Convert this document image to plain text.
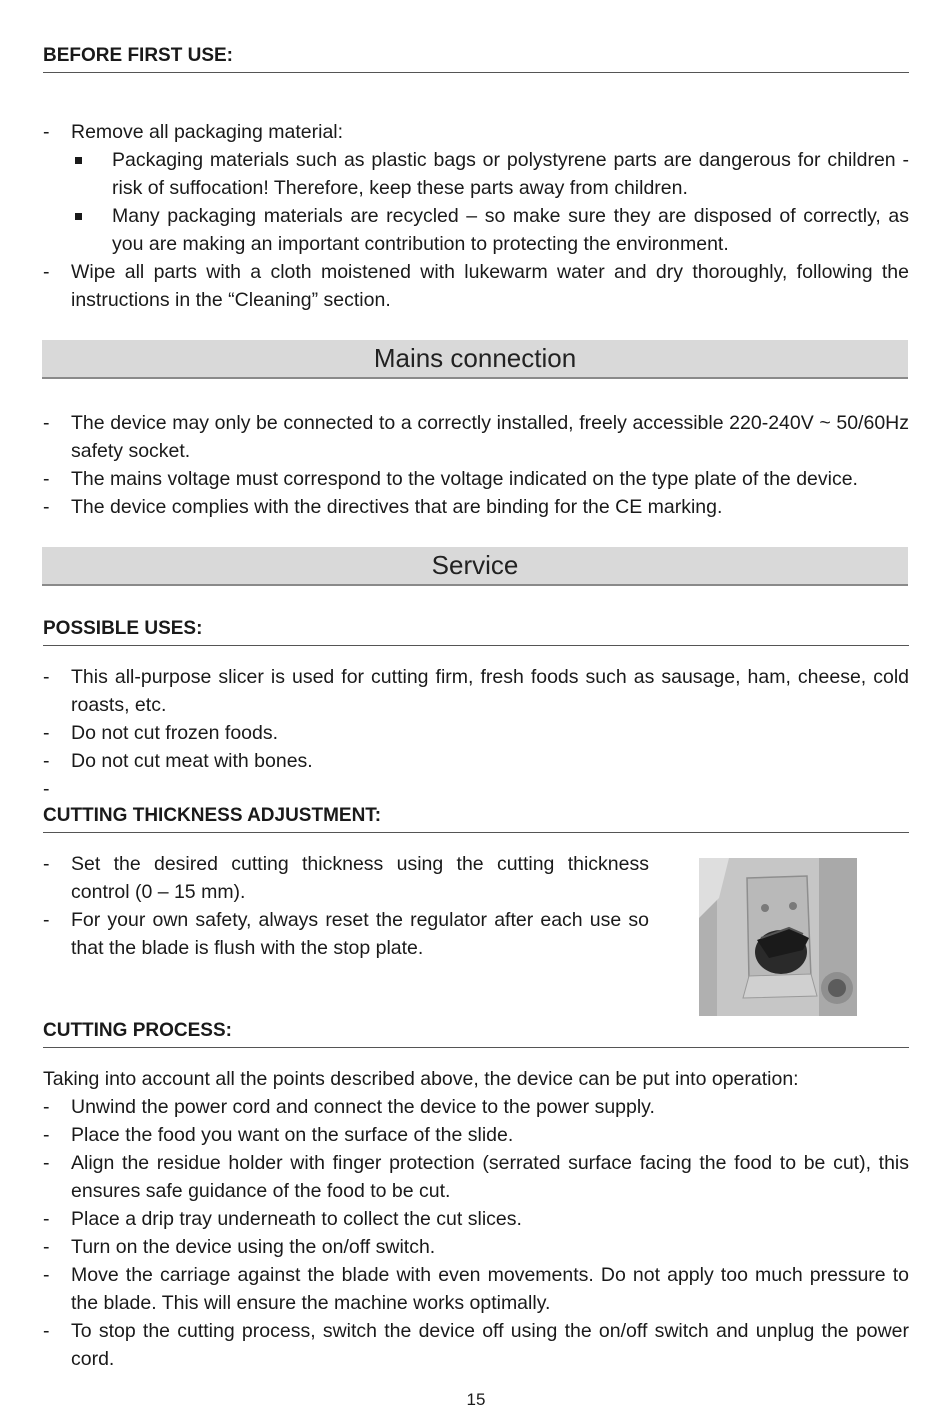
BEFORE FIRST USE:
- Remove all packaging material:
Packaging materials such as plastic bags or polystyrene parts are dangerous for children - risk of suffocation! Therefore, keep these parts away from children.
Many packaging materials are recycled – so make sure they are disposed of correctly, as you are making an important contribution to protecting the environment.
- Wipe all parts with a cloth moistened with lukewarm water and dry thoroughly, following the instructions in the “Cleaning” section.
Mains connection
- The device may only be connected to a correctly installed, freely accessible 220-240V ~ 50/60Hz safety socket.
- The mains voltage must correspond to the voltage indicated on the type plate of the device.
- The device complies with the directives that are binding for the CE marking.
Service
POSSIBLE USES:
- This all-purpose slicer is used for cutting firm, fresh foods such as sausage, ham, cheese, cold roasts, etc.
- Do not cut frozen foods.
- Do not cut meat with bones.
-

CUTTING THICKNESS ADJUSTMENT:
- Set the desired cutting thickness using the cutting thickness control (0 – 15 mm).
- For your own safety, always reset the regulator after each use so that the blade is flush with the stop plate.
CUTTING PROCESS:
Taking into account all the points described above, the device can be put into operation:
- Unwind the power cord and connect the device to the power supply.
- Place the food you want on the surface of the slide.
- Align the residue holder with finger protection (serrated surface facing the food to be cut), this ensures safe guidance of the food to be cut.
- Place a drip tray underneath to collect the cut slices.
- Turn on the device using the on/off switch.
- Move the carriage against the blade with even movements. Do not apply too much pressure to the blade. This will ensure the machine works optimally.
- To stop the cutting process, switch the device off using the on/off switch and unplug the power cord.
15
